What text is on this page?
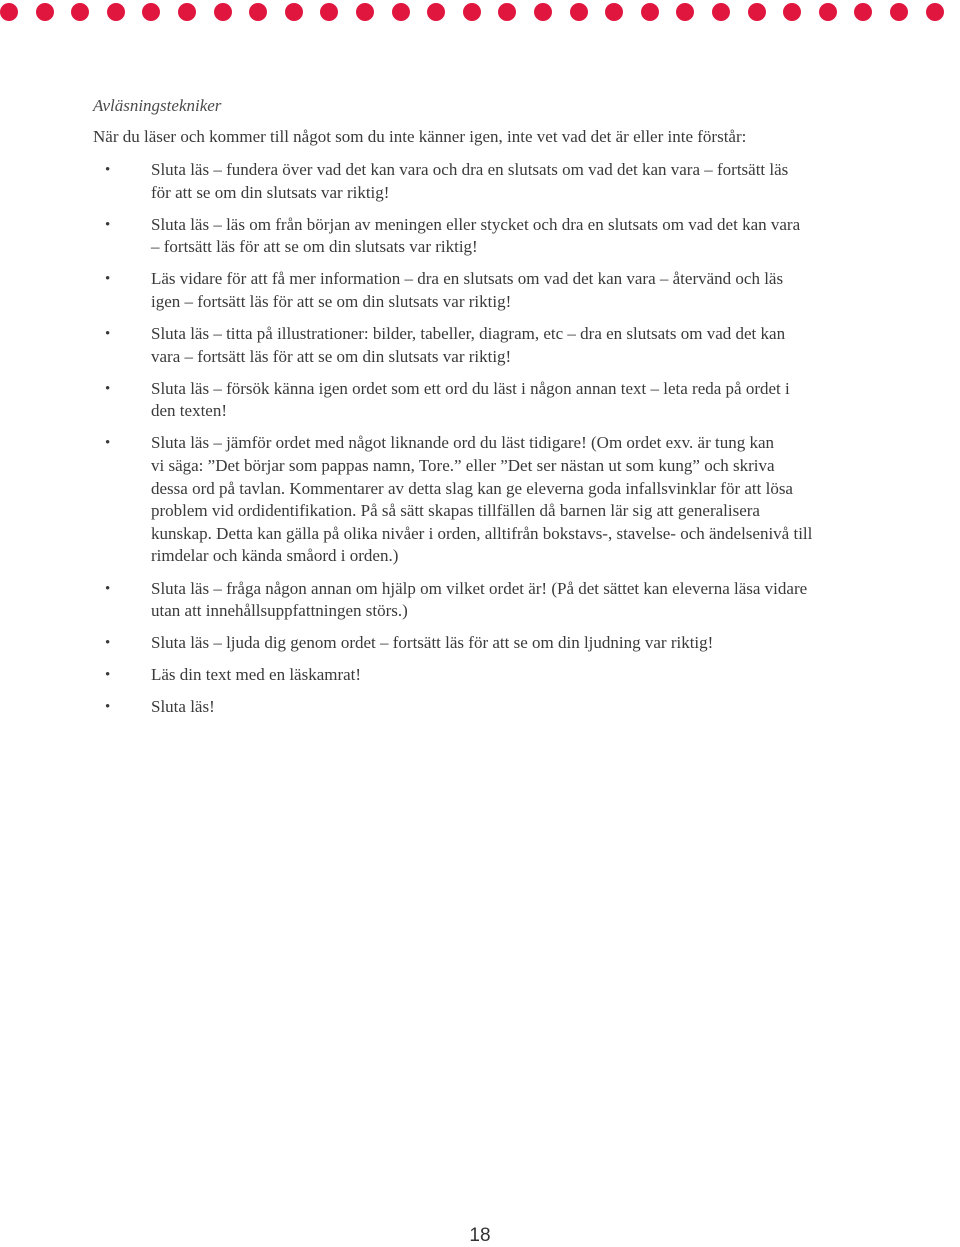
Avläsningstekniker
När du läser och kommer till något som du inte känner igen, inte vet vad det är eller inte förstår:
• Sluta läs – fundera över vad det kan vara och dra en slutsats om vad det kan vara – fortsätt läs
för att se om din slutsats var riktig!
• Sluta läs – läs om från början av meningen eller stycket och dra en slutsats om vad det kan vara
– fortsätt läs för att se om din slutsats var riktig!
• Läs vidare för att få mer information – dra en slutsats om vad det kan vara – återvänd och läs
igen – fortsätt läs för att se om din slutsats var riktig!
• Sluta läs – titta på illustrationer: bilder, tabeller, diagram, etc – dra en slutsats om vad det kan
vara – fortsätt läs för att se om din slutsats var riktig!
• Sluta läs – försök känna igen ordet som ett ord du läst i någon annan text – leta reda på ordet i
den texten!
• Sluta läs – jämför ordet med något liknande ord du läst tidigare! (Om ordet exv. är tung kan
vi säga: ”Det börjar som pappas namn, Tore.” eller ”Det ser nästan ut som kung” och skriva
dessa ord på tavlan. Kommentarer av detta slag kan ge eleverna goda infallsvinklar för att lösa
problem vid ordidentifikation. På så sätt skapas tillfällen då barnen lär sig att generalisera
kunskap. Detta kan gälla på olika nivåer i orden, alltifrån bokstavs-, stavelse- och ändelsenivå till
rimdelar och kända småord i orden.)
• Sluta läs – fråga någon annan om hjälp om vilket ordet är! (På det sättet kan eleverna läsa vidare
utan att innehållsuppfattningen störs.)
• Sluta läs – ljuda dig genom ordet – fortsätt läs för att se om din ljudning var riktig!
• Läs din text med en läskamrat!
• Sluta läs!
18
